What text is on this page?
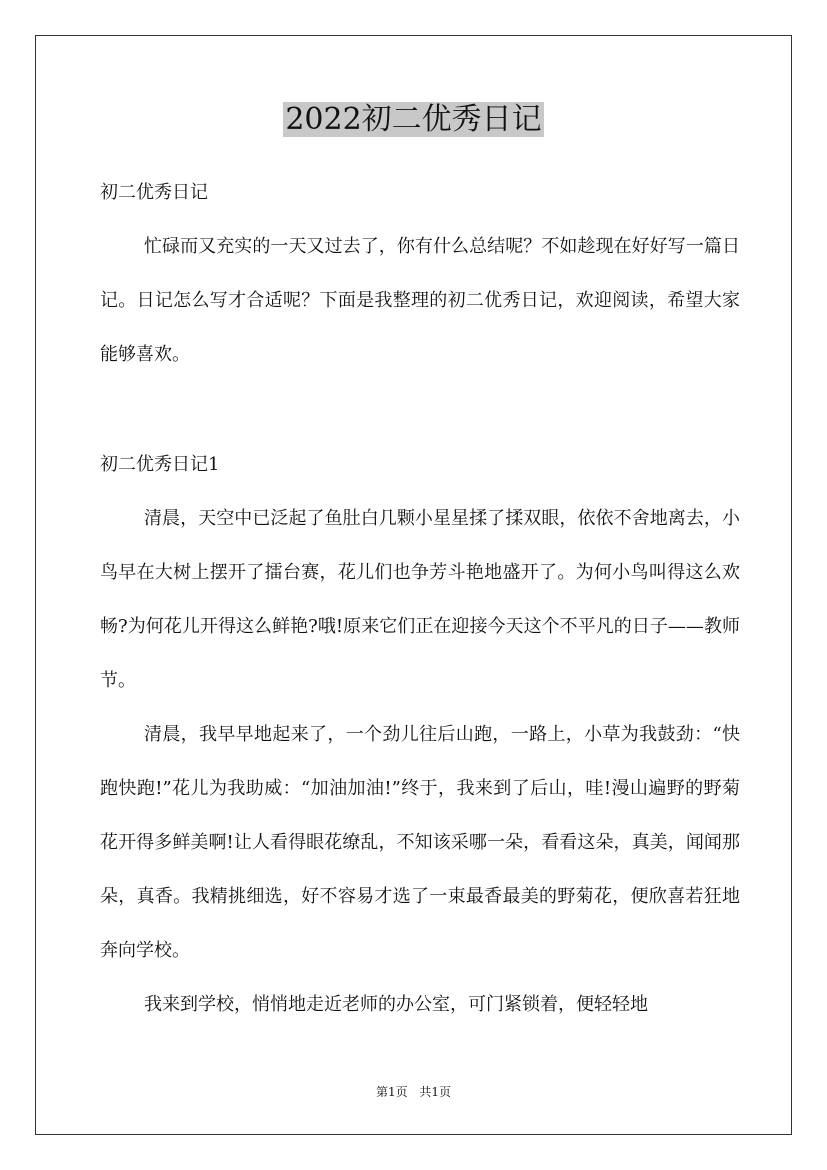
2022初二优秀日记
初二优秀日记

忙碌而又充实的一天又过去了，你有什么总结呢？不如趁现在好好写一篇日记。日记怎么写才合适呢？下面是我整理的初二优秀日记，欢迎阅读，希望大家能够喜欢。

初二优秀日记1

清晨，天空中已泛起了鱼肚白几颗小星星揉了揉双眼，依依不舍地离去，小鸟早在大树上摆开了擂台赛，花儿们也争芳斗艳地盛开了。为何小鸟叫得这么欢畅?为何花儿开得这么鲜艳?哦!原来它们正在迎接今天这个不平凡的日子——教师节。

清晨，我早早地起来了，一个劲儿往后山跑，一路上，小草为我鼓劲：“快跑快跑!”花儿为我助威：“加油加油!”终于，我来到了后山，哇!漫山遍野的野菊花开得多鲜美啊!让人看得眼花缭乱，不知该采哪一朵，看看这朵，真美，闻闻那朵，真香。我精挑细选，好不容易才选了一束最香最美的野菊花，便欣喜若狂地奔向学校。

我来到学校，悄悄地走近老师的办公室，可门紧锁着，便轻轻地

第1页 共1页
